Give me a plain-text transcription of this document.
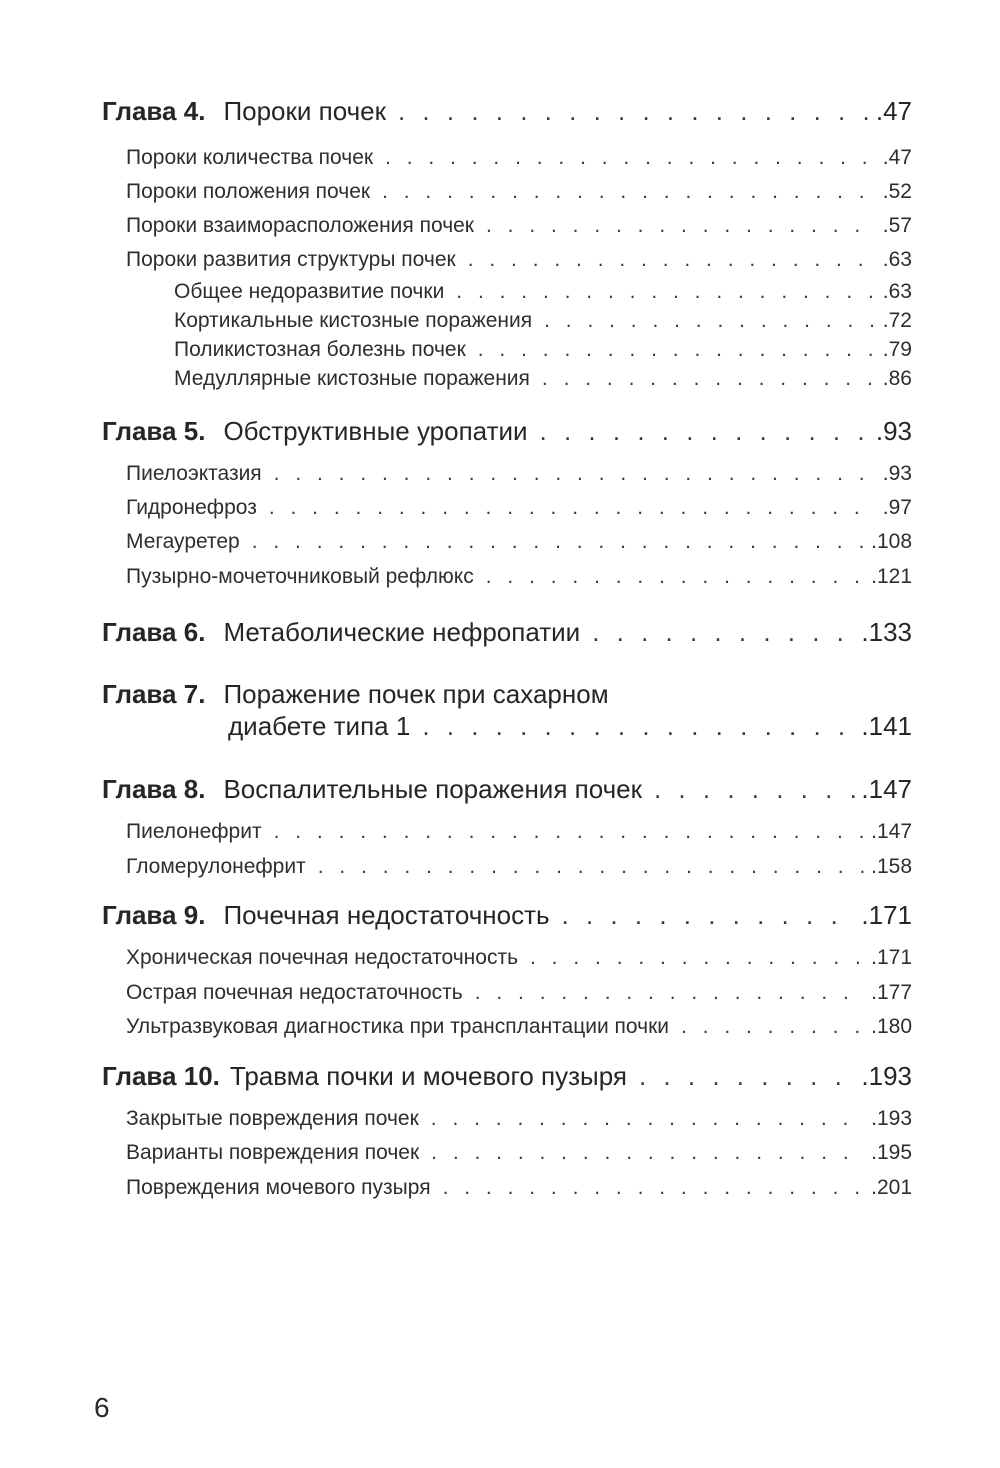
Глава 4. Пороки почек . . .	.47
Пороки количества почек . . .	.47
Пороки положения почек . . .	.52
Пороки взаиморасположения почек . . .	.57
Пороки развития структуры почек . . .	.63
Общее недоразвитие почки . . .	.63
Кортикальные кистозные поражения . . .	.72
Поликистозная болезнь почек . . .	.79
Медуллярные кистозные поражения . . .	.86
Глава 5. Обструктивные уропатии . . .	.93
Пиелоэктазия . . .	.93
Гидронефроз . . .	.97
Мегауретер . . .	.108
Пузырно-мочеточниковый рефлюкс . . .	.121
Глава 6. Метаболические нефропатии . . .	.133
Глава 7. Поражение почек при сахарном
диабете типа 1 . . .	.141
Глава 8. Воспалительные поражения почек . . .	.147
Пиелонефрит . . .	.147
Гломерулонефрит . . .	.158
Глава 9. Почечная недостаточность . . .	.171
Хроническая почечная недостаточность . . .	.171
Острая почечная недостаточность . . .	.177
Ультразвуковая диагностика при трансплантации почки . . .	.180
Глава 10. Травма почки и мочевого пузыря . . .	.193
Закрытые повреждения почек . . .	.193
Варианты повреждения почек . . .	.195
Повреждения мочевого пузыря . . .	.201
6
